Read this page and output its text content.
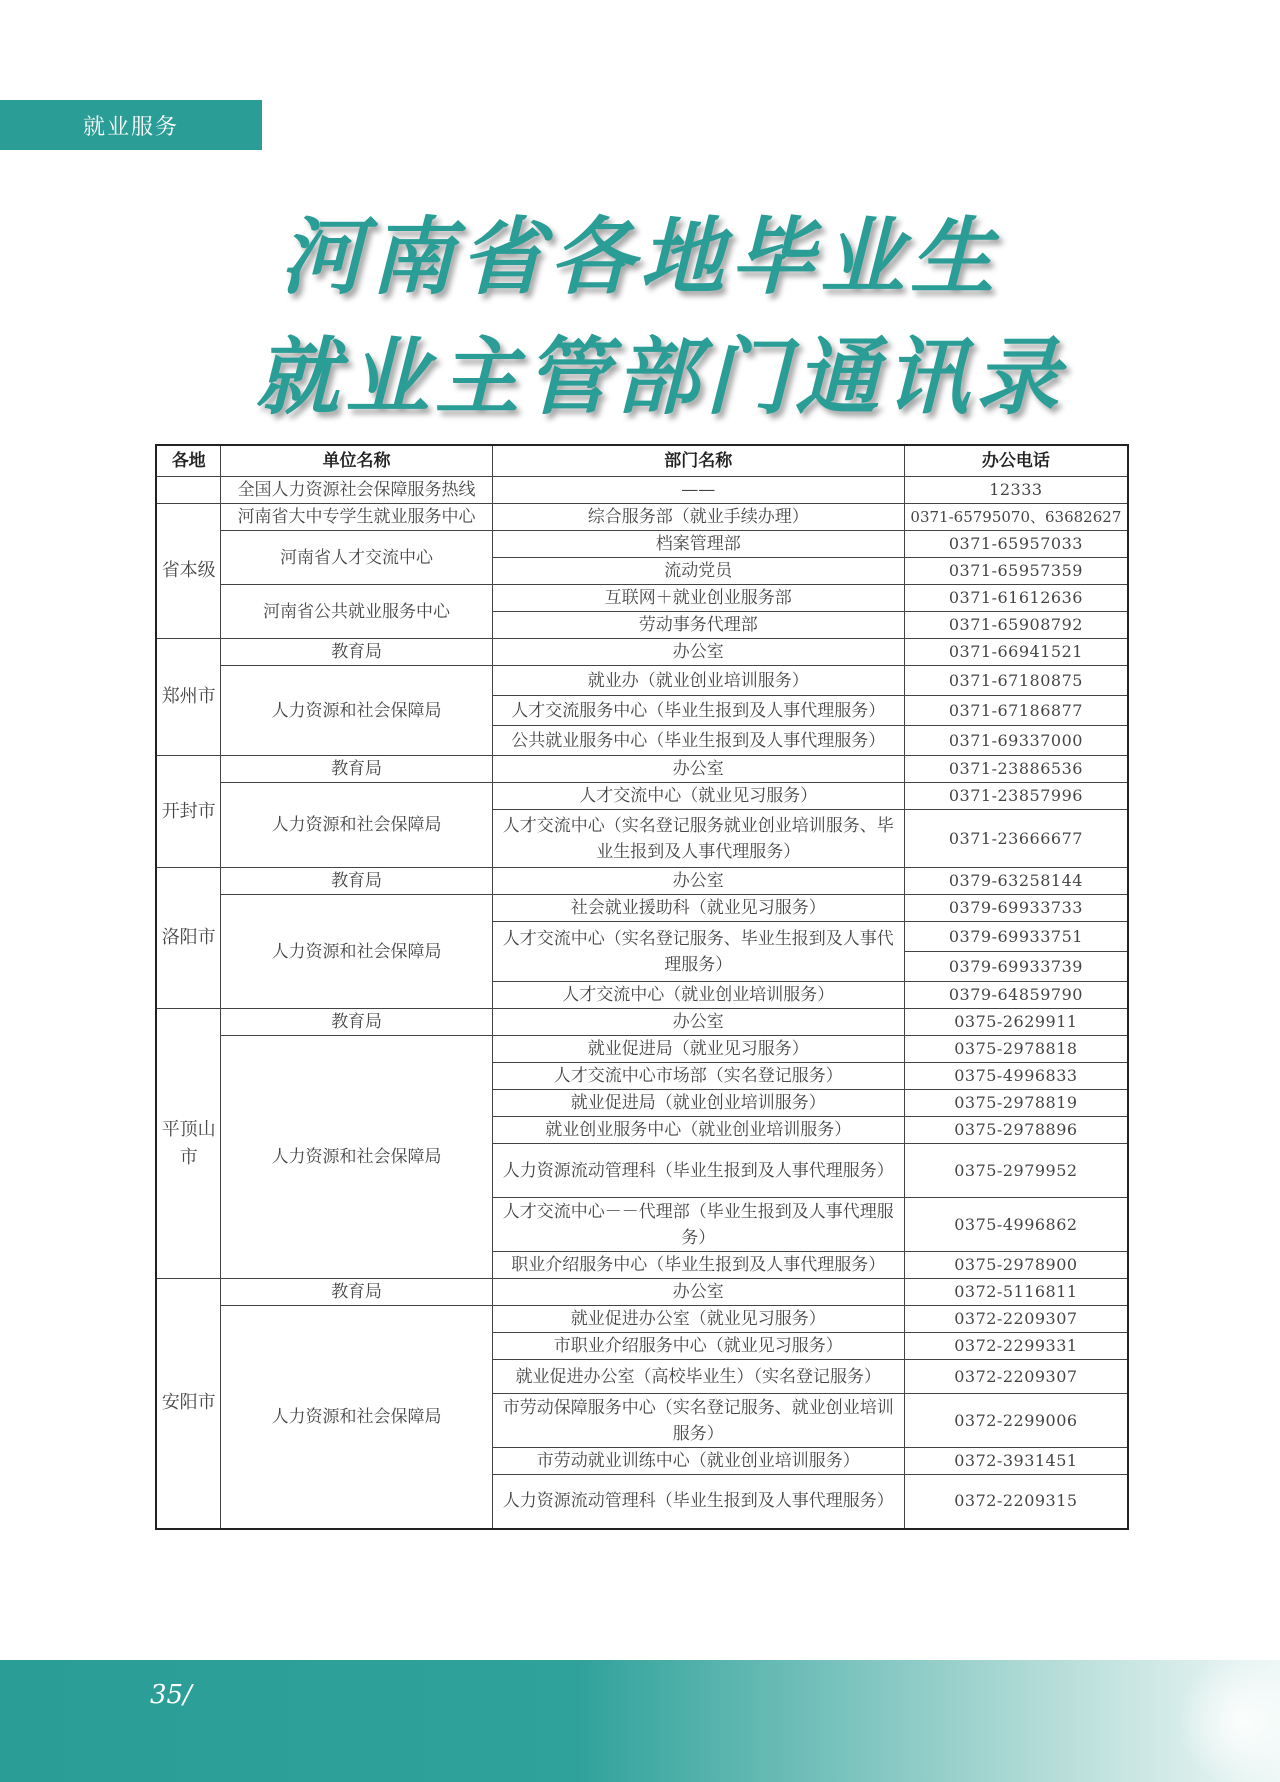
就业服务
河南省各地毕业生
就业主管部门通讯录
各地	单位名称	部门名称	办公电话
	全国人力资源社会保障服务热线	——	12333
省本级	河南省大中专学生就业服务中心	综合服务部（就业手续办理）	0371-65795070、63682627
	河南省人才交流中心	档案管理部	0371-65957033
		流动党员	0371-65957359
	河南省公共就业服务中心	互联网＋就业创业服务部	0371-61612636
		劳动事务代理部	0371-65908792
郑州市	教育局	办公室	0371-66941521
	人力资源和社会保障局	就业办（就业创业培训服务）	0371-67180875
		人才交流服务中心（毕业生报到及人事代理服务）	0371-67186877
		公共就业服务中心（毕业生报到及人事代理服务）	0371-69337000
开封市	教育局	办公室	0371-23886536
	人力资源和社会保障局	人才交流中心（就业见习服务）	0371-23857996
		人才交流中心（实名登记服务就业创业培训服务、毕业生报到及人事代理服务）	0371-23666677
洛阳市	教育局	办公室	0379-63258144
	人力资源和社会保障局	社会就业援助科（就业见习服务）	0379-69933733
		人才交流中心（实名登记服务、毕业生报到及人事代理服务）	0379-69933751
			0379-69933739
		人才交流中心（就业创业培训服务）	0379-64859790
平顶山市	教育局	办公室	0375-2629911
	人力资源和社会保障局	就业促进局（就业见习服务）	0375-2978818
		人才交流中心市场部（实名登记服务）	0375-4996833
		就业促进局（就业创业培训服务）	0375-2978819
		就业创业服务中心（就业创业培训服务）	0375-2978896
		人力资源流动管理科（毕业生报到及人事代理服务）	0375-2979952
		人才交流中心－－代理部（毕业生报到及人事代理服务）	0375-4996862
		职业介绍服务中心（毕业生报到及人事代理服务）	0375-2978900
安阳市	教育局	办公室	0372-5116811
	人力资源和社会保障局	就业促进办公室（就业见习服务）	0372-2209307
		市职业介绍服务中心（就业见习服务）	0372-2299331
		就业促进办公室（高校毕业生）（实名登记服务）	0372-2209307
		市劳动保障服务中心（实名登记服务、就业创业培训服务）	0372-2299006
		市劳动就业训练中心（就业创业培训服务）	0372-3931451
		人力资源流动管理科（毕业生报到及人事代理服务）	0372-2209315
35/
